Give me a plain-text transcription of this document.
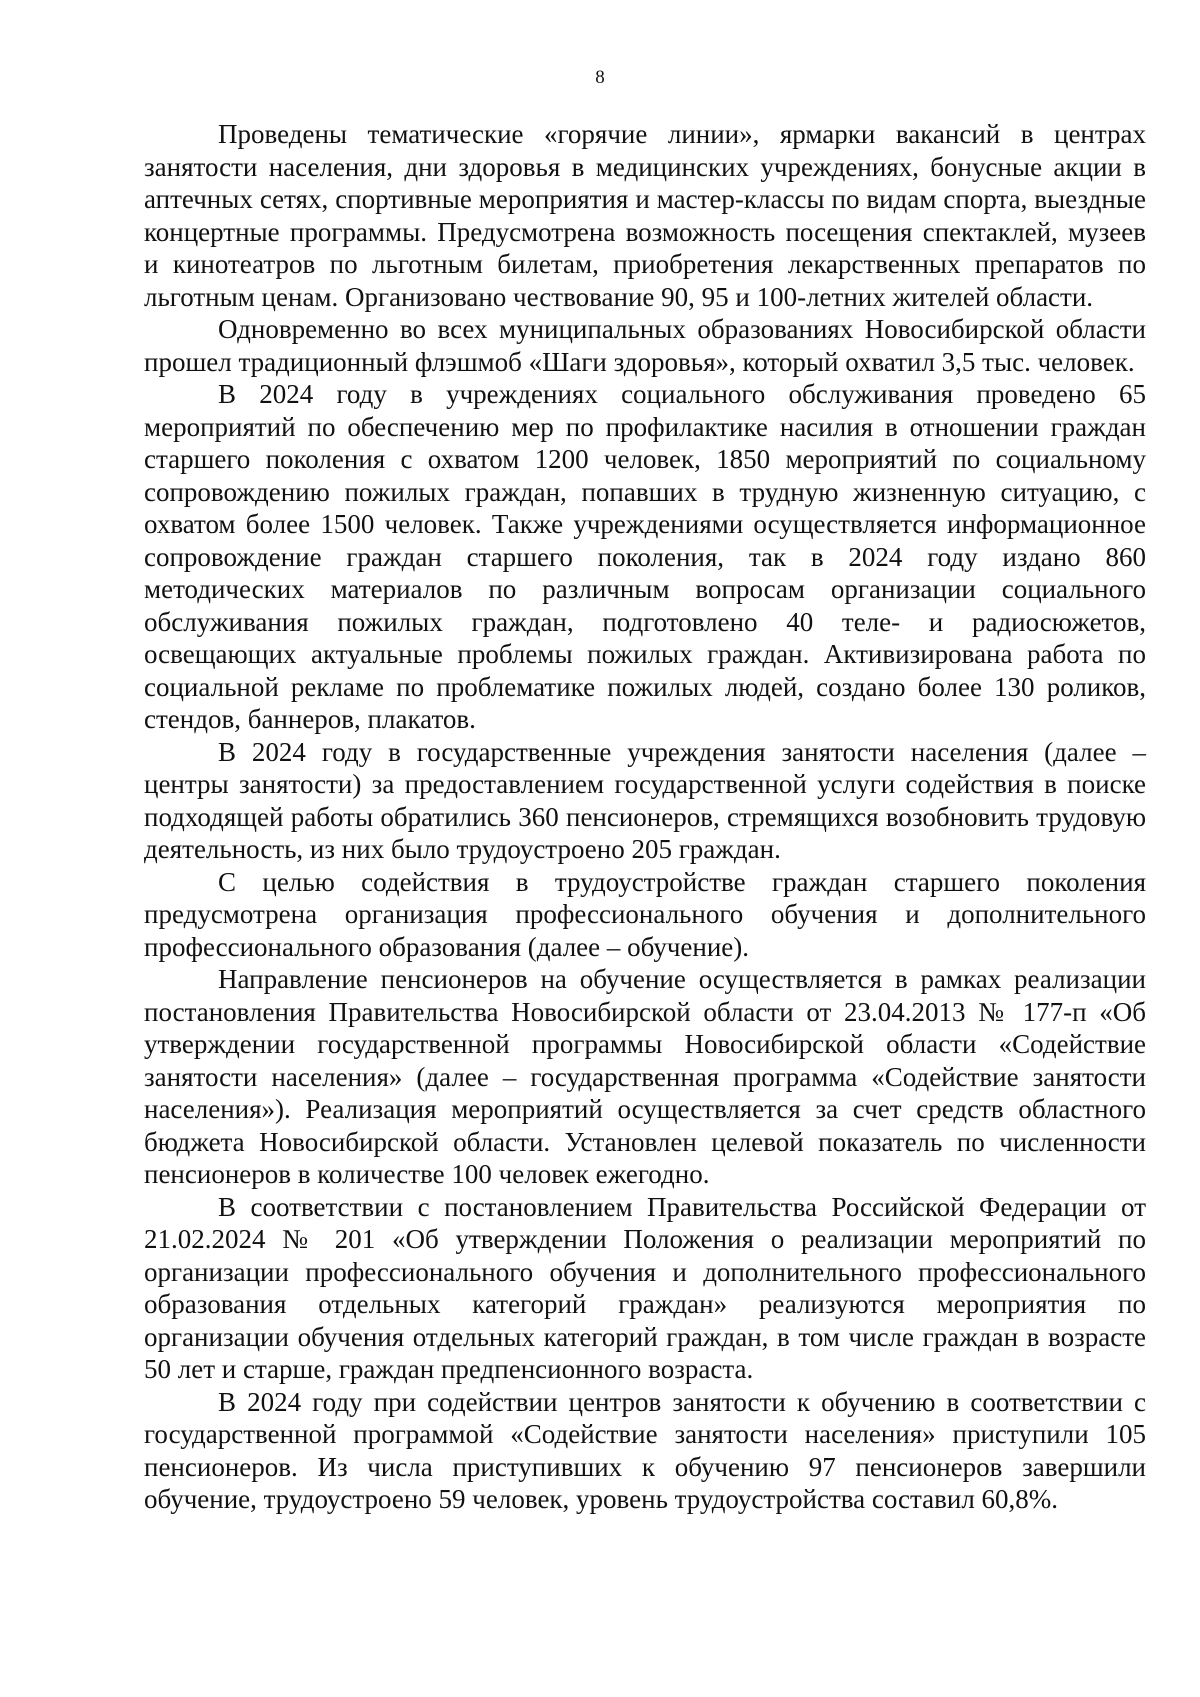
8

Проведены тематические «горячие линии», ярмарки вакансий в центрах занятости населения, дни здоровья в медицинских учреждениях, бонусные акции в аптечных сетях, спортивные мероприятия и мастер-классы по видам спорта, выездные концертные программы. Предусмотрена возможность посещения спектаклей, музеев и кинотеатров по льготным билетам, приобретения лекарственных препаратов по льготным ценам. Организовано чествование 90, 95 и 100-летних жителей области.

Одновременно во всех муниципальных образованиях Новосибирской области прошел традиционный флэшмоб «Шаги здоровья», который охватил 3,5 тыс. человек.

В 2024 году в учреждениях социального обслуживания проведено 65 мероприятий по обеспечению мер по профилактике насилия в отношении граждан старшего поколения с охватом 1200 человек, 1850 мероприятий по социальному сопровождению пожилых граждан, попавших в трудную жизненную ситуацию, с охватом более 1500 человек. Также учреждениями осуществляется информационное сопровождение граждан старшего поколения, так в 2024 году издано 860 методических материалов по различным вопросам организации социального обслуживания пожилых граждан, подготовлено 40 теле- и радиосюжетов, освещающих актуальные проблемы пожилых граждан. Активизирована работа по социальной рекламе по проблематике пожилых людей, создано более 130 роликов, стендов, баннеров, плакатов.

В 2024 году в государственные учреждения занятости населения (далее – центры занятости) за предоставлением государственной услуги содействия в поиске подходящей работы обратились 360 пенсионеров, стремящихся возобновить трудовую деятельность, из них было трудоустроено 205 граждан.

С целью содействия в трудоустройстве граждан старшего поколения предусмотрена организация профессионального обучения и дополнительного профессионального образования (далее – обучение).

Направление пенсионеров на обучение осуществляется в рамках реализации постановления Правительства Новосибирской области от 23.04.2013 № 177-п «Об утверждении государственной программы Новосибирской области «Содействие занятости населения» (далее – государственная программа «Содействие занятости населения»). Реализация мероприятий осуществляется за счет средств областного бюджета Новосибирской области. Установлен целевой показатель по численности пенсионеров в количестве 100 человек ежегодно.

В соответствии с постановлением Правительства Российской Федерации от 21.02.2024 № 201 «Об утверждении Положения о реализации мероприятий по организации профессионального обучения и дополнительного профессионального образования отдельных категорий граждан» реализуются мероприятия по организации обучения отдельных категорий граждан, в том числе граждан в возрасте 50 лет и старше, граждан предпенсионного возраста.

В 2024 году при содействии центров занятости к обучению в соответствии с государственной программой «Содействие занятости населения» приступили 105 пенсионеров. Из числа приступивших к обучению 97 пенсионеров завершили обучение, трудоустроено 59 человек, уровень трудоустройства составил 60,8%.
